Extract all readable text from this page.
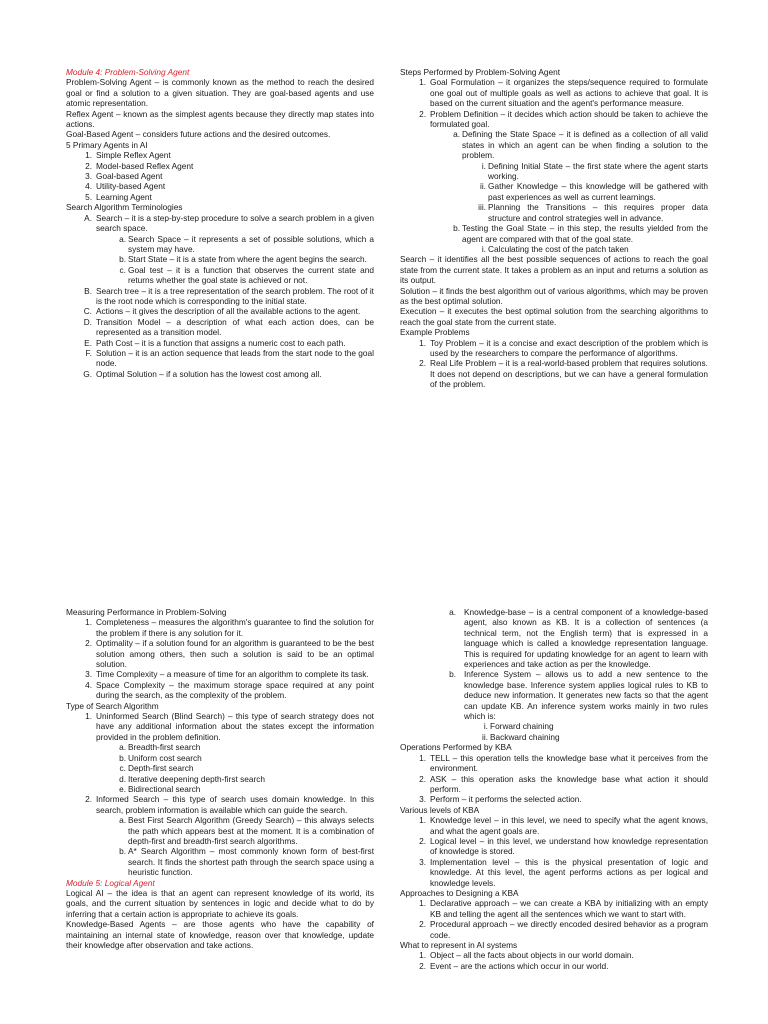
Module 4: Problem-Solving Agent

Problem-Solving Agent – is commonly known as the method to reach the desired goal or find a solution to a given situation. They are goal-based agents and use atomic representation.

Reflex Agent – known as the simplest agents because they directly map states into actions.

Goal-Based Agent – considers future actions and the desired outcomes.

5 Primary Agents in AI

1. Simple Reflex Agent
2. Model-based Reflex Agent
3. Goal-based Agent
4. Utility-based Agent
5. Learning Agent

Search Algorithm Terminologies

A. Search – it is a step-by-step procedure to solve a search problem in a given search space.
a. Search Space – it represents a set of possible solutions, which a system may have.
b. Start State – it is a state from where the agent begins the search.
c. Goal test – it is a function that observes the current state and returns whether the goal state is achieved or not.
B. Search tree – it is a tree representation of the search problem. The root of it is the root node which is corresponding to the initial state.
C. Actions – it gives the description of all the available actions to the agent.
D. Transition Model – a description of what each action does, can be represented as a transition model.
E. Path Cost – it is a function that assigns a numeric cost to each path.
F. Solution – it is an action sequence that leads from the start node to the goal node.
G. Optimal Solution – if a solution has the lowest cost among all.

Steps Performed by Problem-Solving Agent

1. Goal Formulation – it organizes the steps/sequence required to formulate one goal out of multiple goals as well as actions to achieve that goal. It is based on the current situation and the agent's performance measure.
2. Problem Definition – it decides which action should be taken to achieve the formulated goal.
a. Defining the State Space – it is defined as a collection of all valid states in which an agent can be when finding a solution to the problem.
i. Defining Initial State – the first state where the agent starts working.
ii. Gather Knowledge – this knowledge will be gathered with past experiences as well as current learnings.
iii. Planning the Transitions – this requires proper data structure and control strategies well in advance.
b. Testing the Goal State – in this step, the results yielded from the agent are compared with that of the goal state.
i. Calculating the cost of the patch taken

Search – it identifies all the best possible sequences of actions to reach the goal state from the current state. It takes a problem as an input and returns a solution as its output.

Solution – it finds the best algorithm out of various algorithms, which may be proven as the best optimal solution.

Execution – it executes the best optimal solution from the searching algorithms to reach the goal state from the current state.

Example Problems

1. Toy Problem – it is a concise and exact description of the problem which is used by the researchers to compare the performance of algorithms.
2. Real Life Problem – it is a real-world-based problem that requires solutions. It does not depend on descriptions, but we can have a general formulation of the problem.

Measuring Performance in Problem-Solving

1. Completeness – measures the algorithm's guarantee to find the solution for the problem if there is any solution for it.
2. Optimality – if a solution found for an algorithm is guaranteed to be the best solution among others, then such a solution is said to be an optimal solution.
3. Time Complexity – a measure of time for an algorithm to complete its task.
4. Space Complexity – the maximum storage space required at any point during the search, as the complexity of the problem.

Type of Search Algorithm

1. Uninformed Search (Blind Search) – this type of search strategy does not have any additional information about the states except the information provided in the problem definition.
a. Breadth-first search
b. Uniform cost search
c. Depth-first search
d. Iterative deepening depth-first search
e. Bidirectional search
2. Informed Search – this type of search uses domain knowledge. In this search, problem information is available which can guide the search.
a. Best First Search Algorithm (Greedy Search) – this always selects the path which appears best at the moment. It is a combination of depth-first and breadth-first search algorithms.
b. A* Search Algorithm – most commonly known form of best-first search. It finds the shortest path through the search space using a heuristic function.

Module 5: Logical Agent

Logical AI – the idea is that an agent can represent knowledge of its world, its goals, and the current situation by sentences in logic and decide what to do by inferring that a certain action is appropriate to achieve its goals.

Knowledge-Based Agents – are those agents who have the capability of maintaining an internal state of knowledge, reason over that knowledge, update their knowledge after observation and take actions.

a. Knowledge-base – is a central component of a knowledge-based agent, also known as KB. It is a collection of sentences (a technical term, not the English term) that is expressed in a language which is called a knowledge representation language. This is required for updating knowledge for an agent to learn with experiences and take action as per the knowledge.
b. Inference System – allows us to add a new sentence to the knowledge base. Inference system applies logical rules to KB to deduce new information. It generates new facts so that the agent can update KB. An inference system works mainly in two rules which is:
i. Forward chaining
ii. Backward chaining

Operations Performed by KBA

1. TELL – this operation tells the knowledge base what it perceives from the environment.
2. ASK – this operation asks the knowledge base what action it should perform.
3. Perform – it performs the selected action.

Various levels of KBA

1. Knowledge level – in this level, we need to specify what the agent knows, and what the agent goals are.
2. Logical level – in this level, we understand how knowledge representation of knowledge is stored.
3. Implementation level – this is the physical presentation of logic and knowledge. At this level, the agent performs actions as per logical and knowledge levels.

Approaches to Designing a KBA

1. Declarative approach – we can create a KBA by initializing with an empty KB and telling the agent all the sentences which we want to start with.
2. Procedural approach – we directly encoded desired behavior as a program code.

What to represent in AI systems

1. Object – all the facts about objects in our world domain.
2. Event – are the actions which occur in our world.
